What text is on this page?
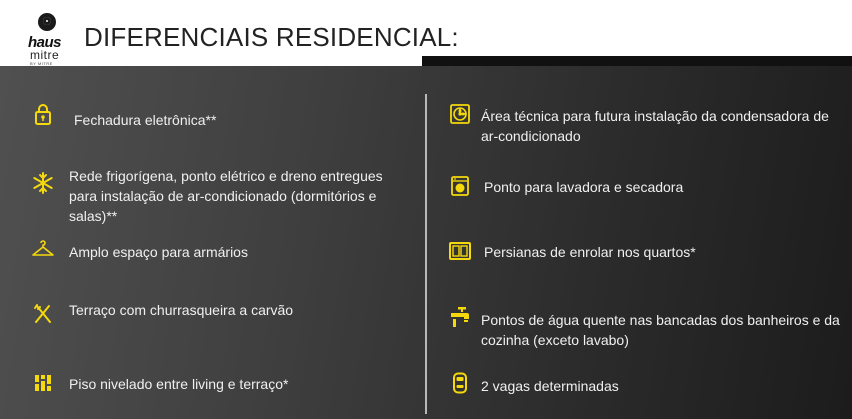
haus
mitre
BY MITRE
DIFERENCIAIS RESIDENCIAL:
Fechadura eletrônica**
Rede frigorígena, ponto elétrico e dreno entregues para instalação de ar-condicionado (dormitórios e salas)**
Amplo espaço para armários
Terraço com churrasqueira a carvão
Piso nivelado entre living e terraço*
Área técnica para futura instalação da condensadora de ar-condicionado
Ponto para lavadora e secadora
Persianas de enrolar nos quartos*
Pontos de água quente nas bancadas dos banheiros e da cozinha (exceto lavabo)
2 vagas determinadas
